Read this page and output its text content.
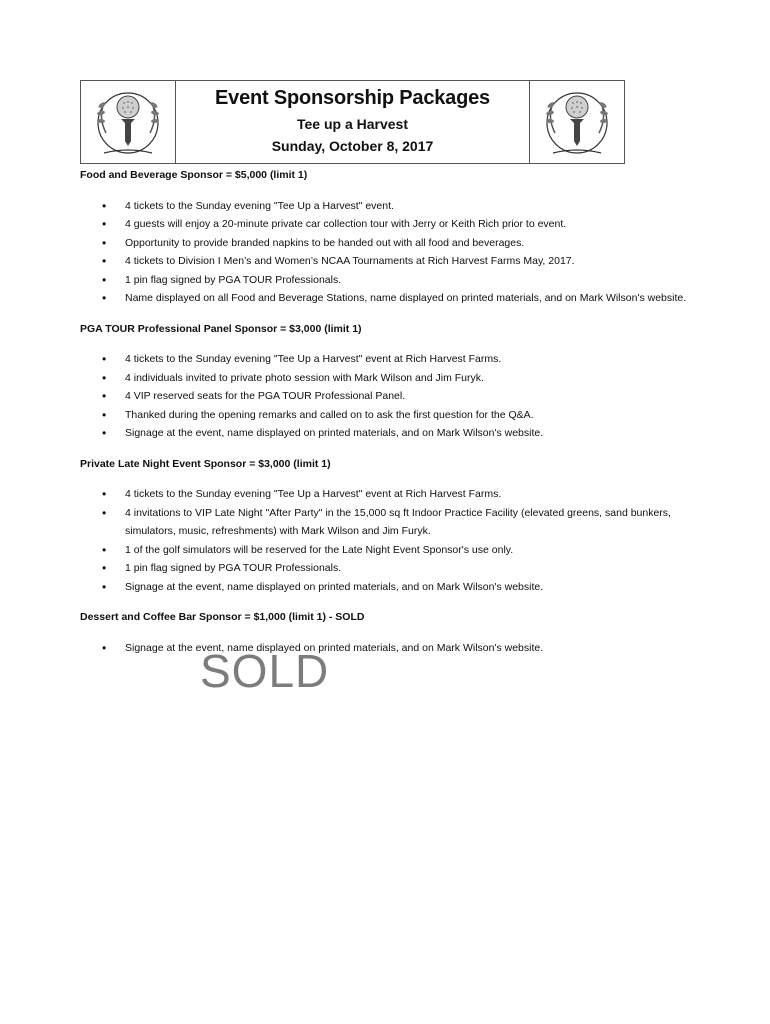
Event Sponsorship Packages
Tee up a Harvest
Sunday, October 8, 2017
Food and Beverage Sponsor = $5,000 (limit 1)
• 4 tickets to the Sunday evening "Tee Up a Harvest" event.
• 4 guests will enjoy a 20-minute private car collection tour with Jerry or Keith Rich prior to event.
• Opportunity to provide branded napkins to be handed out with all food and beverages.
• 4 tickets to Division I Men’s and Women’s NCAA Tournaments at Rich Harvest Farms May, 2017.
• 1 pin flag signed by PGA TOUR Professionals.
• Name displayed on all Food and Beverage Stations, name displayed on printed materials, and on Mark Wilson's website.
PGA TOUR Professional Panel Sponsor = $3,000 (limit 1)
• 4 tickets to the Sunday evening "Tee Up a Harvest" event at Rich Harvest Farms.
• 4 individuals invited to private photo session with Mark Wilson and Jim Furyk.
• 4 VIP reserved seats for the PGA TOUR Professional Panel.
• Thanked during the opening remarks and called on to ask the first question for the Q&A.
• Signage at the event, name displayed on printed materials, and on Mark Wilson's website.
Private Late Night Event Sponsor = $3,000 (limit 1)
• 4 tickets to the Sunday evening "Tee Up a Harvest" event at Rich Harvest Farms.
• 4 invitations to VIP Late Night "After Party" in the 15,000 sq ft Indoor Practice Facility (elevated greens, sand bunkers, simulators, music, refreshments) with Mark Wilson and Jim Furyk.
• 1 of the golf simulators will be reserved for the Late Night Event Sponsor's use only.
• 1 pin flag signed by PGA TOUR Professionals.
• Signage at the event, name displayed on printed materials, and on Mark Wilson's website.
Dessert and Coffee Bar Sponsor = $1,000 (limit 1) - SOLD
• Signage at the event, name displayed on printed materials, and on Mark Wilson's website.
SOLD
